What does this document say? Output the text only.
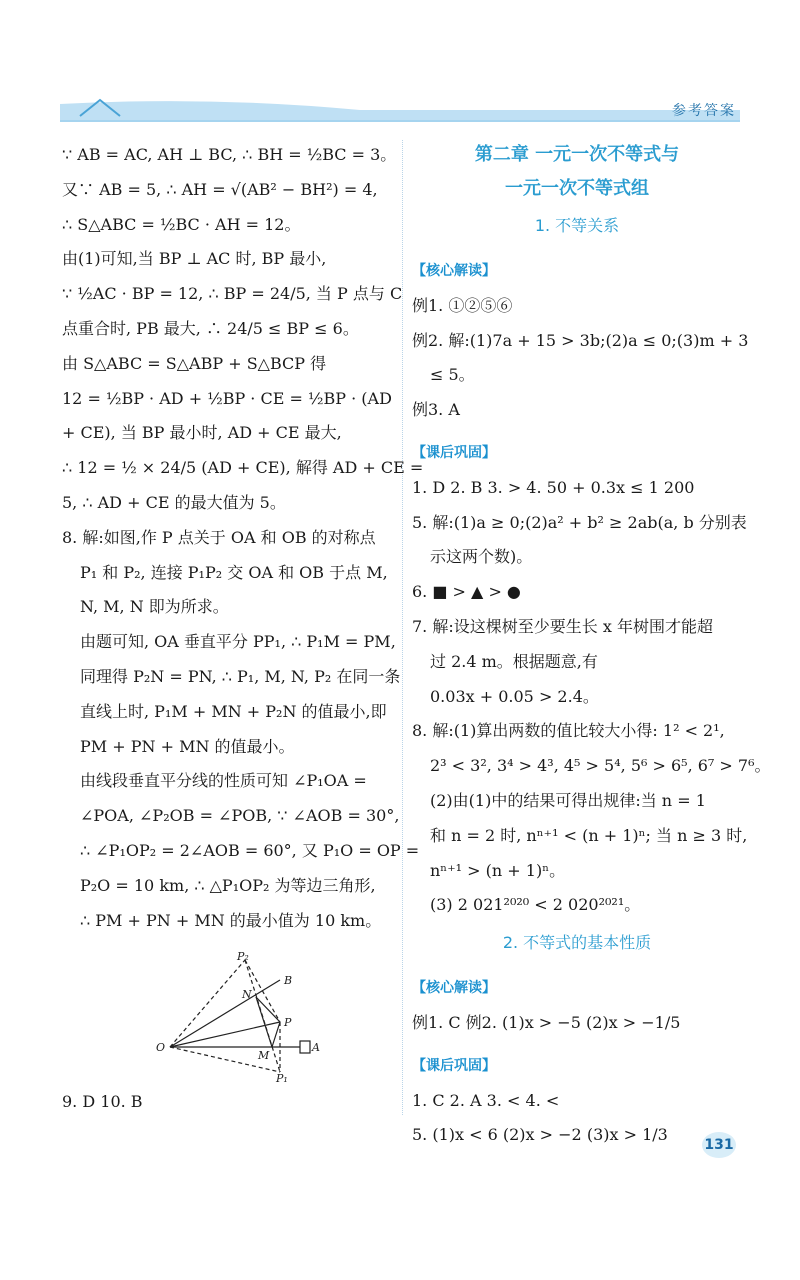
参考答案
∵ AB = AC, AH ⊥ BC, ∴ BH = ½BC = 3。
又∵ AB = 5, ∴ AH = √(AB² − BH²) = 4,
∴ S△ABC = ½BC · AH = 12。
由(1)可知,当 BP ⊥ AC 时, BP 最小,
∵ ½AC · BP = 12, ∴ BP = 24/5, 当 P 点与 C
点重合时, PB 最大, ∴ 24/5 ≤ BP ≤ 6。
由 S△ABC = S△ABP + S△BCP 得
12 = ½BP · AD + ½BP · CE = ½BP · (AD
+ CE), 当 BP 最小时, AD + CE 最大,
∴ 12 = ½ × 24/5 (AD + CE), 解得 AD + CE =
5, ∴ AD + CE 的最大值为 5。
8. 解:如图,作 P 点关于 OA 和 OB 的对称点
P₁ 和 P₂, 连接 P₁P₂ 交 OA 和 OB 于点 M,
N, M, N 即为所求。
由题可知, OA 垂直平分 PP₁, ∴ P₁M = PM,
同理得 P₂N = PN, ∴ P₁, M, N, P₂ 在同一条
直线上时, P₁M + MN + P₂N 的值最小,即
PM + PN + MN 的值最小。
由线段垂直平分线的性质可知 ∠P₁OA =
∠POA, ∠P₂OB = ∠POB, ∵ ∠AOB = 30°,
∴ ∠P₁OP₂ = 2∠AOB = 60°, 又 P₁O = OP =
P₂O = 10 km, ∴ △P₁OP₂ 为等边三角形,
∴ PM + PN + MN 的最小值为 10 km。
O	A
B
P
P₁
P₂
M
N
9. D 10. B
第二章 一元一次不等式与
一元一次不等式组
1. 不等关系
【核心解读】
例1. ①②⑤⑥
例2. 解:(1)7a + 15 > 3b;(2)a ≤ 0;(3)m + 3
≤ 5。
例3. A
【课后巩固】
1. D 2. B 3. > 4. 50 + 0.3x ≤ 1 200
5. 解:(1)a ≥ 0;(2)a² + b² ≥ 2ab(a, b 分别表
示这两个数)。
6. ■ > ▲ > ●
7. 解:设这棵树至少要生长 x 年树围才能超
过 2.4 m。根据题意,有
0.03x + 0.05 > 2.4。
8. 解:(1)算出两数的值比较大小得: 1² < 2¹,
2³ < 3², 3⁴ > 4³, 4⁵ > 5⁴, 5⁶ > 6⁵, 6⁷ > 7⁶。
(2)由(1)中的结果可得出规律:当 n = 1
和 n = 2 时, nⁿ⁺¹ < (n + 1)ⁿ; 当 n ≥ 3 时,
nⁿ⁺¹ > (n + 1)ⁿ。
(3) 2 021²⁰²⁰ < 2 020²⁰²¹。
2. 不等式的基本性质
【核心解读】
例1. C 例2. (1)x > −5 (2)x > −1/5
【课后巩固】
1. C 2. A 3. < 4. <
5. (1)x < 6 (2)x > −2 (3)x > 1/3
131
